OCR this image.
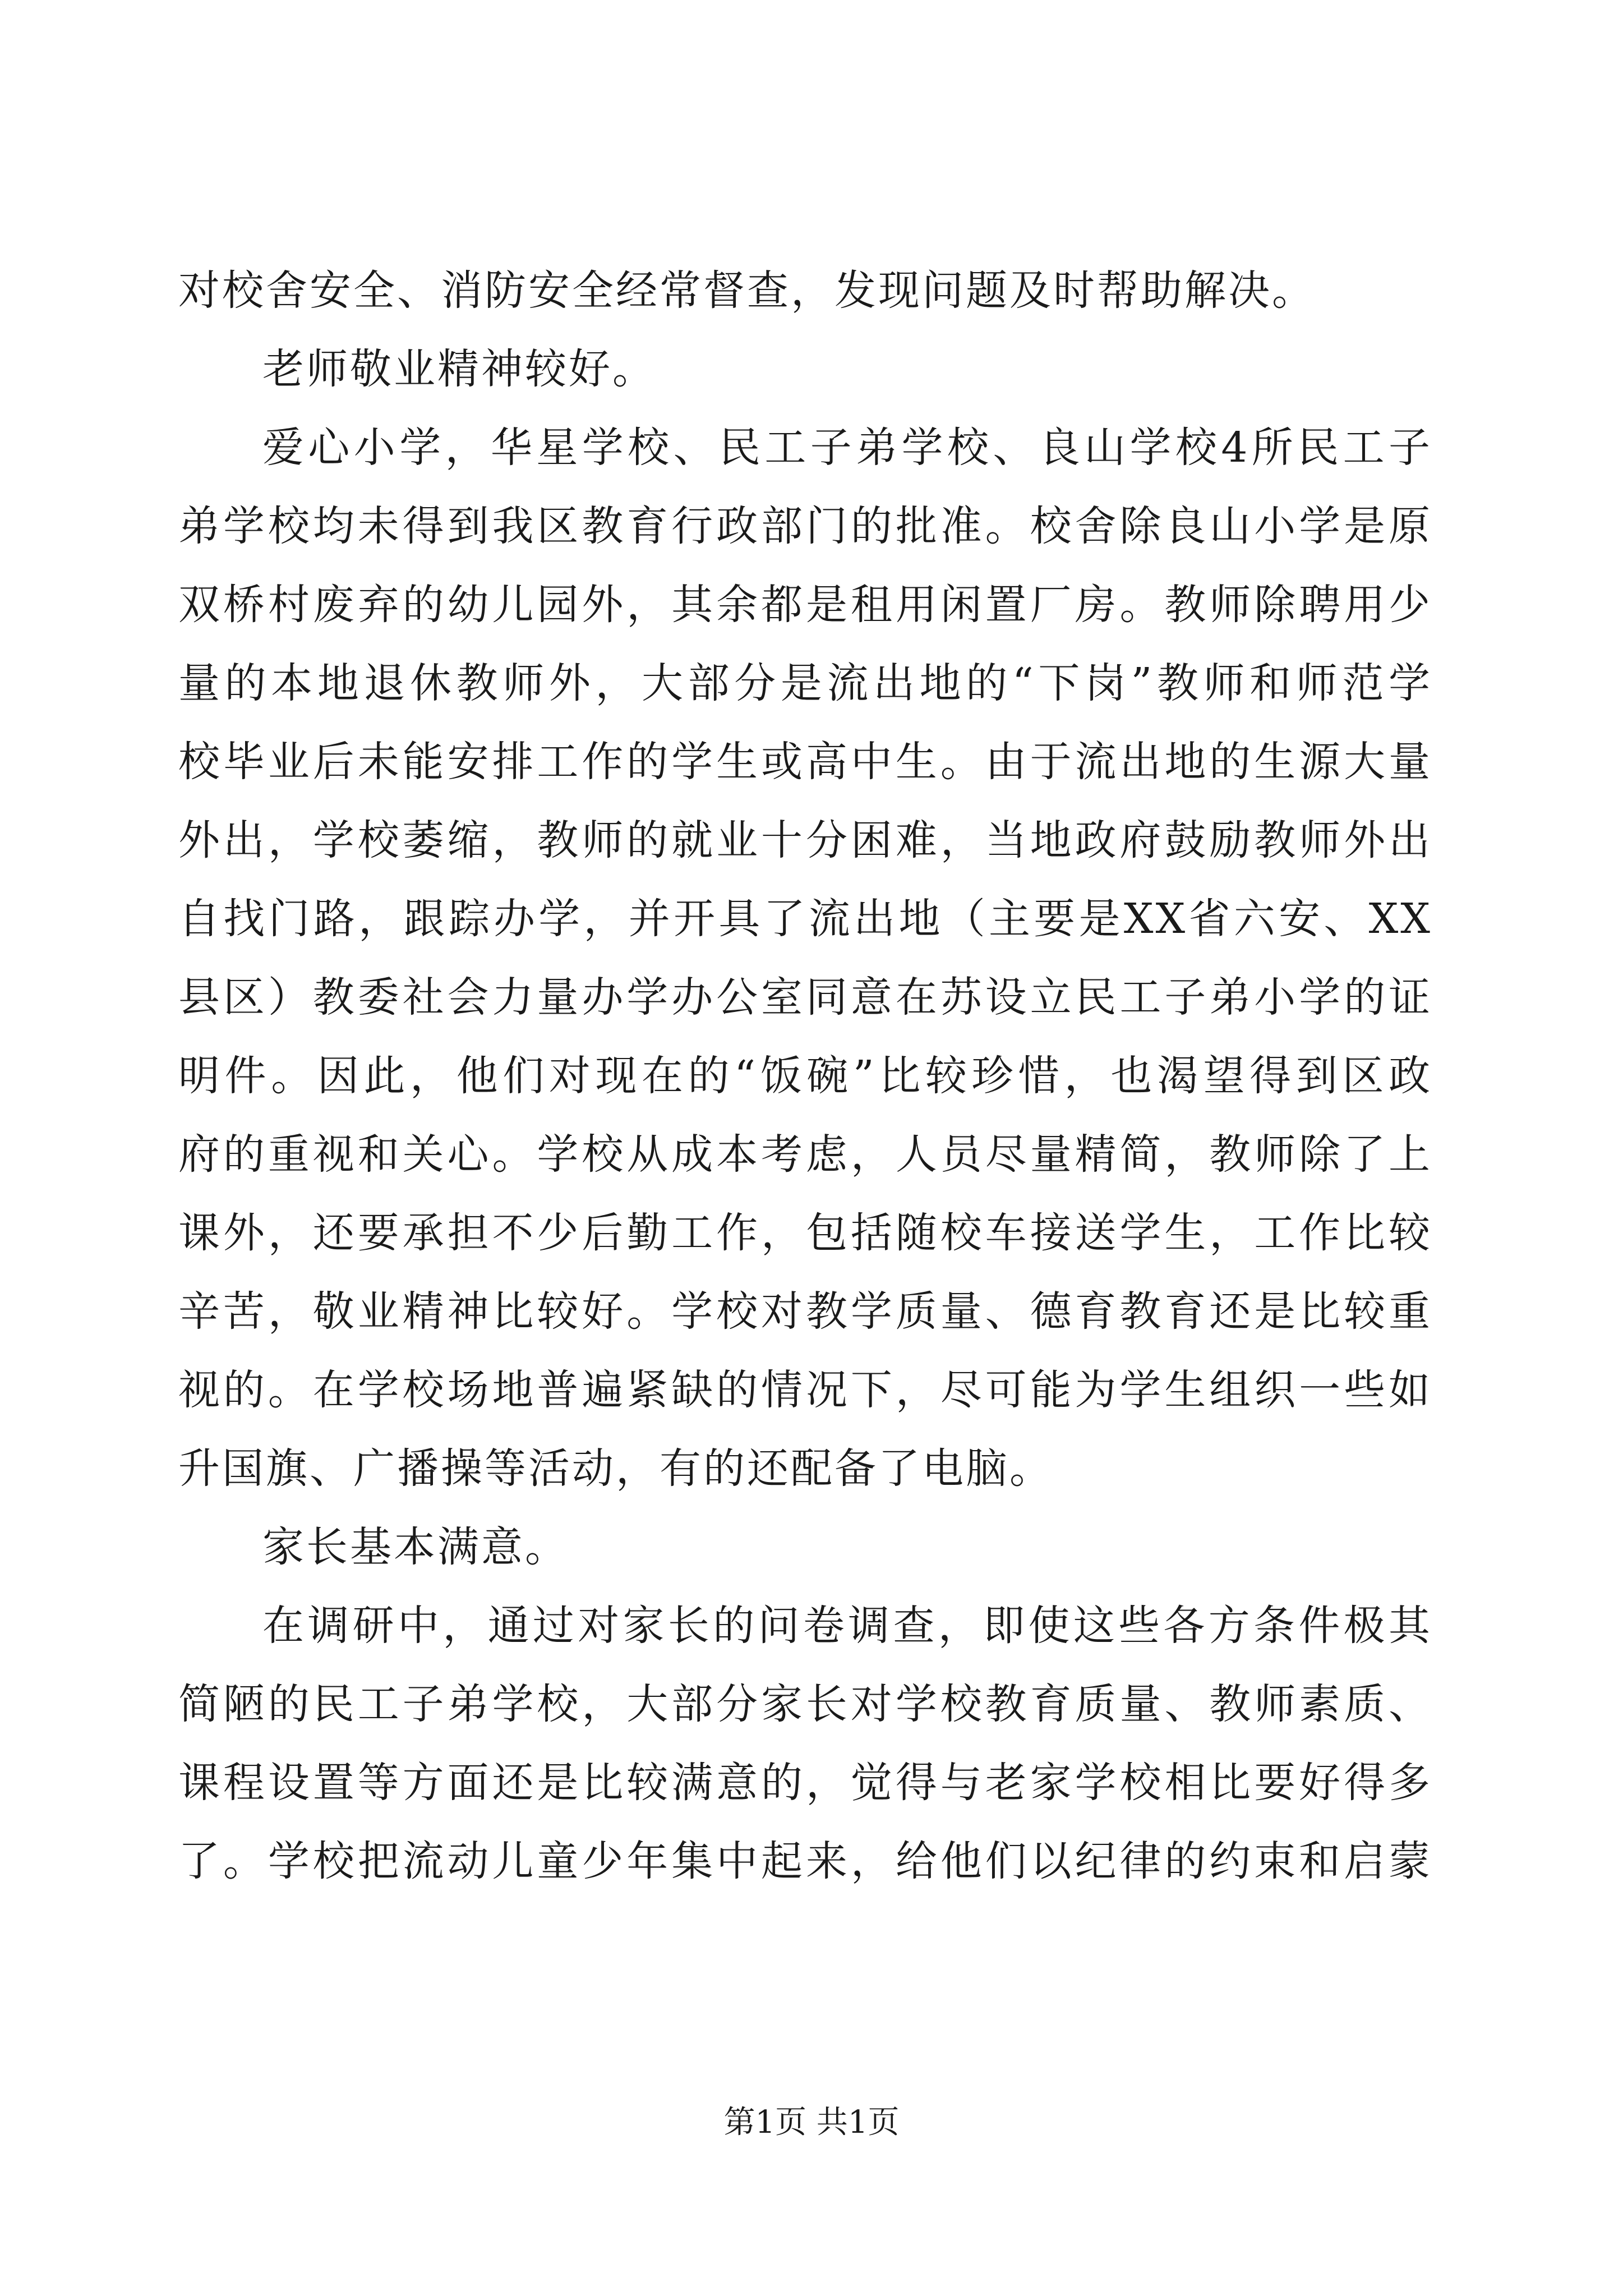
对校舍安全、消防安全经常督查，发现问题及时帮助解决。
老师敬业精神较好。
爱心小学，华星学校、民工子弟学校、良山学校4所民工子
弟学校均未得到我区教育行政部门的批准。校舍除良山小学是原
双桥村废弃的幼儿园外，其余都是租用闲置厂房。教师除聘用少
量的本地退休教师外，大部分是流出地的“下岗”教师和师范学
校毕业后未能安排工作的学生或高中生。由于流出地的生源大量
外出，学校萎缩，教师的就业十分困难，当地政府鼓励教师外出
自找门路，跟踪办学，并开具了流出地（主要是XX省六安、XX
县区）教委社会力量办学办公室同意在苏设立民工子弟小学的证
明件。因此，他们对现在的“饭碗”比较珍惜，也渴望得到区政
府的重视和关心。学校从成本考虑，人员尽量精简，教师除了上
课外，还要承担不少后勤工作，包括随校车接送学生，工作比较
辛苦，敬业精神比较好。学校对教学质量、德育教育还是比较重
视的。在学校场地普遍紧缺的情况下，尽可能为学生组织一些如
升国旗、广播操等活动，有的还配备了电脑。
家长基本满意。
在调研中，通过对家长的问卷调查，即使这些各方条件极其
简陋的民工子弟学校，大部分家长对学校教育质量、教师素质、
课程设置等方面还是比较满意的，觉得与老家学校相比要好得多
了。学校把流动儿童少年集中起来，给他们以纪律的约束和启蒙
第1页 共1页
